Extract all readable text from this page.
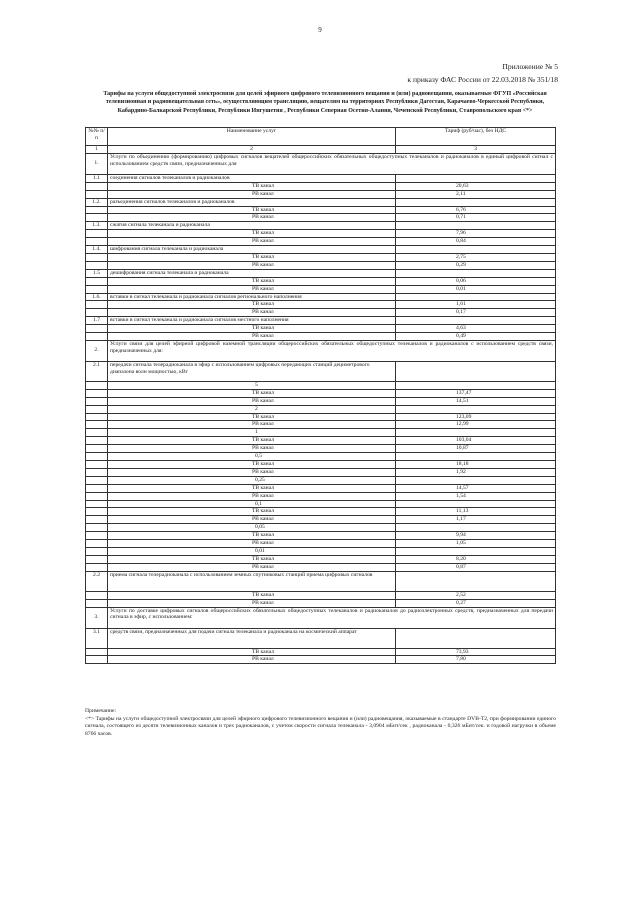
9
Приложение № 5
к приказу ФАС России от 22.03.2018 № 351/18
Тарифы на услуги общедоступной электросвязи для целей эфирного цифрового телевизионного вещания и (или) радиовещания, оказываемые ФГУП «Российская телевизионная и радиовещательная сеть», осуществляющим трансляцию, вещателям на территориях Республики Дагестан, Карачаево-Черкесской Республики, Кабардино-Балкарской Республики, Республики Ингушетия , Республики Северная Осетия-Алания, Чеченской Республики, Ставропольского края <*>
№№ п/п	Наименование услуг	Тариф (руб/час), без НДС
1	2	3
1.	Услуги по объединению (формированию) цифровых сигналов вещателей общероссийских обязательных общедоступных телеканалов и радиоканалов в единый цифровой сигнал с использованием средств связи, предназначенных для	
1.1	соединения сигналов телеканалов и радиоканалов	
	ТВ канал	20,63
	РВ канал	2,11
1.2.	разъединения сигналов телеканалов и радиоканалов	
	ТВ канал	6,76
	РВ канал	0,71
1.3.	сжатия сигнала телеканала и радиоканала	
	ТВ канал	7,96
	РВ канал	0,84
1.4.	шифрования сигнала телеканала и радиоканала	
	ТВ канал	2,75
	РВ канал	0,29
1.5	дешифрования сигнала телеканала и радиоканала	
	ТВ канал	0,06
	РВ канал	0,01
1.6.	вставки в сигнал телеканала и радиоканала сигналов регионального наполнения	
	ТВ канал	1,61
	РВ канал	0,17
1.7	вставки в сигнал телеканала и радиоканала сигналов местного наполнения	
	ТВ канал	4,63
	РВ канал	0,49
2.	Услуги связи для целей эфирной цифровой наземной трансляции общероссийских обязательных общедоступных телеканалов и радиоканалов с использованием средств связи, предназначенных для:	
2.1	передачи сигнала телерадиоканала в эфир с использованием цифровых передающих станций дециметрового диапазона волн мощностью, кВт	
	5	
	ТВ канал	137,47
	РВ канал	14,51
	2	
	ТВ канал	123,09
	РВ канал	12,99
	1	
	ТВ канал	103,04
	РВ канал	10,87
	0,5	
	ТВ канал	18,18
	РВ канал	1,92
	0,25	
	ТВ канал	14,57
	РВ канал	1,54
	0,1	
	ТВ канал	11,13
	РВ канал	1,17
	0,05	
	ТВ канал	9,94
	РВ канал	1,05
	0,01	
	ТВ канал	8,20
	РВ канал	0,87
2.2	приема сигнала телерадиоканала с использованием земных спутниковых станций приема цифровых сигналов	
	ТВ канал	2,52
	РВ канал	0,27
3.	Услуги по доставке цифровых сигналов общероссийских обязательных общедоступных телеканалов и радиоканалов до радиоэлектронных средств, предназначенных для передачи сигнала в эфир, с использованием:	
3.1	средств связи, предназначенных для подачи сигнала телеканала и радиоканала на космический аппарат	
	ТВ канал	73,93
	РВ канал	7,80
Примечание:
<*> Тарифы на услуги общедоступной электросвязи для целей эфирного цифрового телевизионного вещания и (или) радиовещания, оказываемые в стандарте DVB-T2, при формировании единого сигнала, состоящего из десяти телевизионных каналов и трех радиоканалов, с учетом скорости сигнала телеканала - 3,0904 мБит/сек , радиоканала - 0,326 мБит/сек. и годовой нагрузки в объеме 8766 часов.
